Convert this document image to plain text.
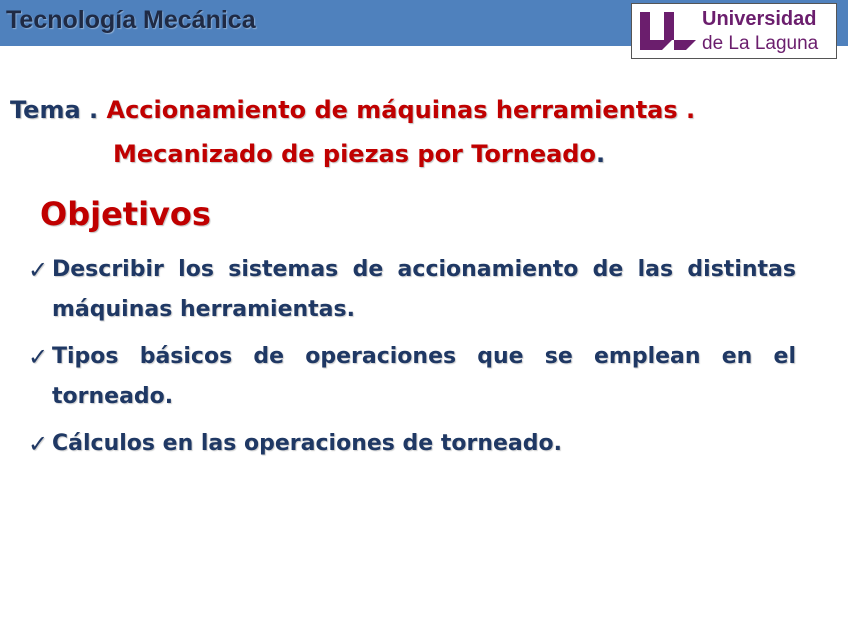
Tecnología Mecánica	Universidad
de La Laguna
Tema . Accionamiento de máquinas herramientas .
Mecanizado de piezas por Torneado.
Objetivos
✓ Describir los sistemas de accionamiento de las distintas máquinas herramientas.
✓ Tipos básicos de operaciones que se emplean en el torneado.
✓ Cálculos en las operaciones de torneado.
